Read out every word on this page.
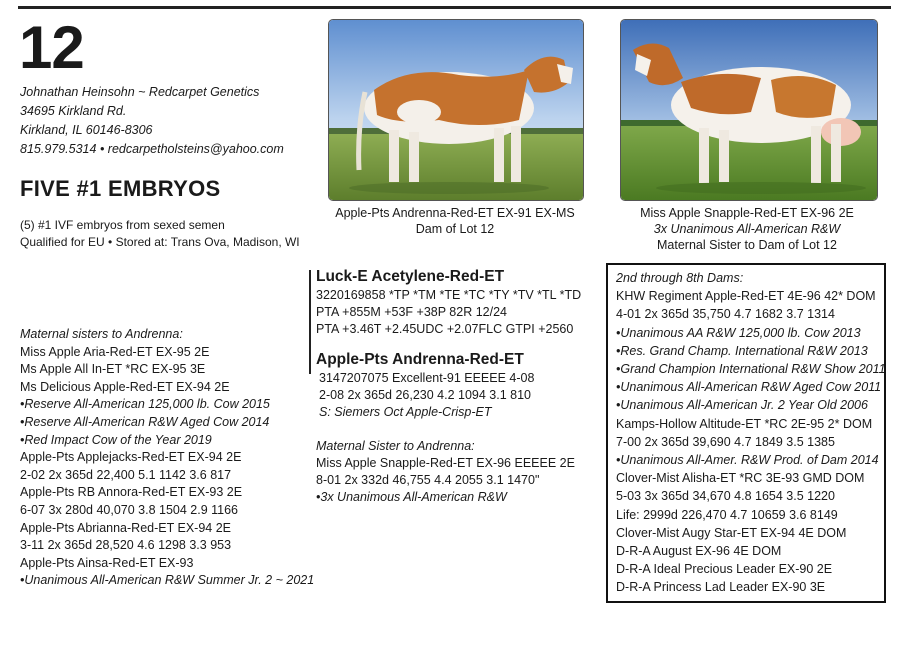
12
Johnathan Heinsohn ~ Redcarpet Genetics
34695 Kirkland Rd.
Kirkland, IL 60146-8306
815.979.5314 • redcarpetholsteins@yahoo.com
FIVE #1 EMBRYOS
(5) #1 IVF embryos from sexed semen
Qualified for EU • Stored at: Trans Ova, Madison, WI
Apple-Pts Andrenna-Red-ET EX-91 EX-MS
Dam of Lot 12
Miss Apple Snapple-Red-ET EX-96 2E
3x Unanimous All-American R&W
Maternal Sister to Dam of Lot 12
Maternal sisters to Andrenna:
Miss Apple Aria-Red-ET EX-95 2E
Ms Apple All In-ET *RC EX-95 3E
Ms Delicious Apple-Red-ET EX-94 2E
•Reserve All-American 125,000 lb. Cow 2015
•Reserve All-American R&W Aged Cow 2014
•Red Impact Cow of the Year 2019
Apple-Pts Applejacks-Red-ET EX-94 2E
2-02 2x 365d 22,400 5.1 1142 3.6 817
Apple-Pts RB Annora-Red-ET EX-93 2E
6-07 3x 280d 40,070 3.8 1504 2.9 1166
Apple-Pts Abrianna-Red-ET EX-94 2E
3-11 2x 365d 28,520 4.6 1298 3.3 953
Apple-Pts Ainsa-Red-ET EX-93
•Unanimous All-American R&W Summer Jr. 2 ~ 2021
Luck-E Acetylene-Red-ET
3220169858 *TP *TM *TE *TC *TY *TV *TL *TD
PTA +855M +53F +38P 82R 12/24
PTA +3.46T +2.45UDC +2.07FLC GTPI +2560
Apple-Pts Andrenna-Red-ET
3147207075 Excellent-91 EEEEE 4-08
2-08 2x 365d 26,230 4.2 1094 3.1 810
S: Siemers Oct Apple-Crisp-ET
Maternal Sister to Andrenna:
Miss Apple Snapple-Red-ET EX-96 EEEEE 2E
8-01 2x 332d 46,755 4.4 2055 3.1 1470"
•3x Unanimous All-American R&W
2nd through 8th Dams:
KHW Regiment Apple-Red-ET 4E-96 42* DOM
4-01 2x 365d 35,750 4.7 1682 3.7 1314
•Unanimous AA R&W 125,000 lb. Cow 2013
•Res. Grand Champ. International R&W 2013
•Grand Champion International R&W Show 2011
•Unanimous All-American R&W Aged Cow 2011
•Unanimous All-American Jr. 2 Year Old 2006
Kamps-Hollow Altitude-ET *RC 2E-95 2* DOM
7-00 2x 365d 39,690 4.7 1849 3.5 1385
•Unanimous All-Amer. R&W Prod. of Dam 2014
Clover-Mist Alisha-ET *RC 3E-93 GMD DOM
5-03 3x 365d 34,670 4.8 1654 3.5 1220
Life: 2999d 226,470 4.7 10659 3.6 8149
Clover-Mist Augy Star-ET EX-94 4E DOM
D-R-A August EX-96 4E DOM
D-R-A Ideal Precious Leader EX-90 2E
D-R-A Princess Lad Leader EX-90 3E
